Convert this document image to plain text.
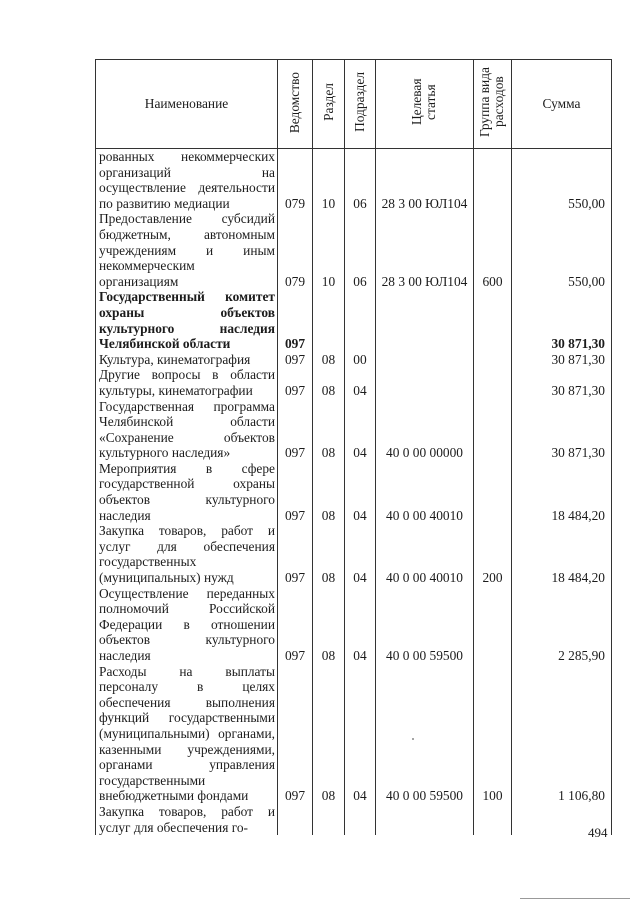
Наименование	Ведомство	Раздел	Подраздел	Целевая статья	Группа вида расходов	Сумма
рованных некоммерческих организаций на осуществление деятельности по развитию медиации	079	10	06	28 3 00 ЮЛ104		550,00
Предоставление субсидий бюджетным, автономным учреждениям и иным некоммерческим организациям	079	10	06	28 3 00 ЮЛ104	600	550,00
Государственный комитет охраны объектов культурного наследия Челябинской области	097					30 871,30
Культура, кинематография	097	08	00			30 871,30
Другие вопросы в области культуры, кинематографии	097	08	04			30 871,30
Государственная программа Челябинской области «Сохранение объектов культурного наследия»	097	08	04	40 0 00 00000		30 871,30
Мероприятия в сфере государственной охраны объектов культурного наследия	097	08	04	40 0 00 40010		18 484,20
Закупка товаров, работ и услуг для обеспечения государственных (муниципальных) нужд	097	08	04	40 0 00 40010	200	18 484,20
Осуществление переданных полномочий Российской Федерации в отношении объектов культурного наследия	097	08	04	40 0 00 59500		2 285,90
Расходы на выплаты персоналу в целях обеспечения выполнения функций государственными (муниципальными) органами, казенными учреждениями, органами управления государственными внебюджетными фондами	097	08	04	40 0 00 59500	100	1 106,80
Закупка товаров, работ и услуг для обеспечения го-							494
